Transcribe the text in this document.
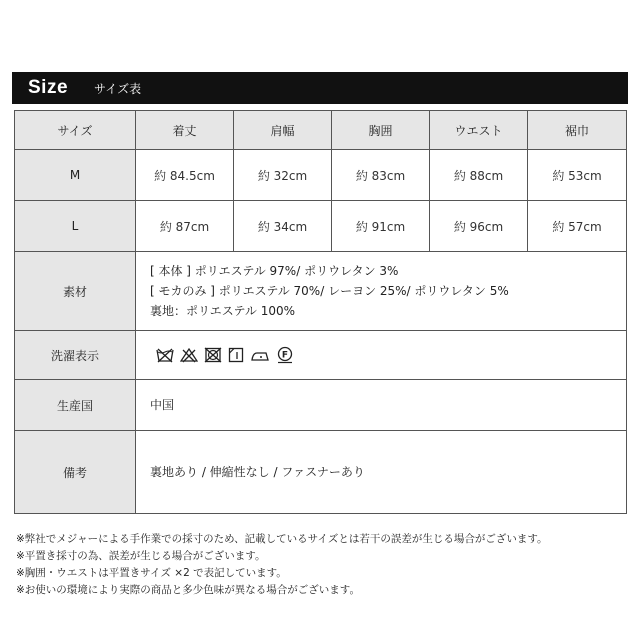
Size サイズ表
サイズ	着丈	肩幅	胸囲	ウエスト	裾巾
M	約 84.5cm	約 32cm	約 83cm	約 88cm	約 53cm
L	約 87cm	約 34cm	約 91cm	約 96cm	約 57cm
素材	[ 本体 ] ポリエステル 97%/ ポリウレタン 3%
[ モカのみ ] ポリエステル 70%/ レーヨン 25%/ ポリウレタン 5%
裏地：ポリエステル 100%				

洗濯表示	F				

生産国	中国				
備考	裏地あり / 伸縮性なし / ファスナーあり				
※弊社でメジャーによる手作業での採寸のため、記載しているサイズとは若干の誤差が生じる場合がございます。
※平置き採寸の為、誤差が生じる場合がございます。
※胸囲・ウエストは平置きサイズ ×2 で表記しています。
※お使いの環境により実際の商品と多少色味が異なる場合がございます。
